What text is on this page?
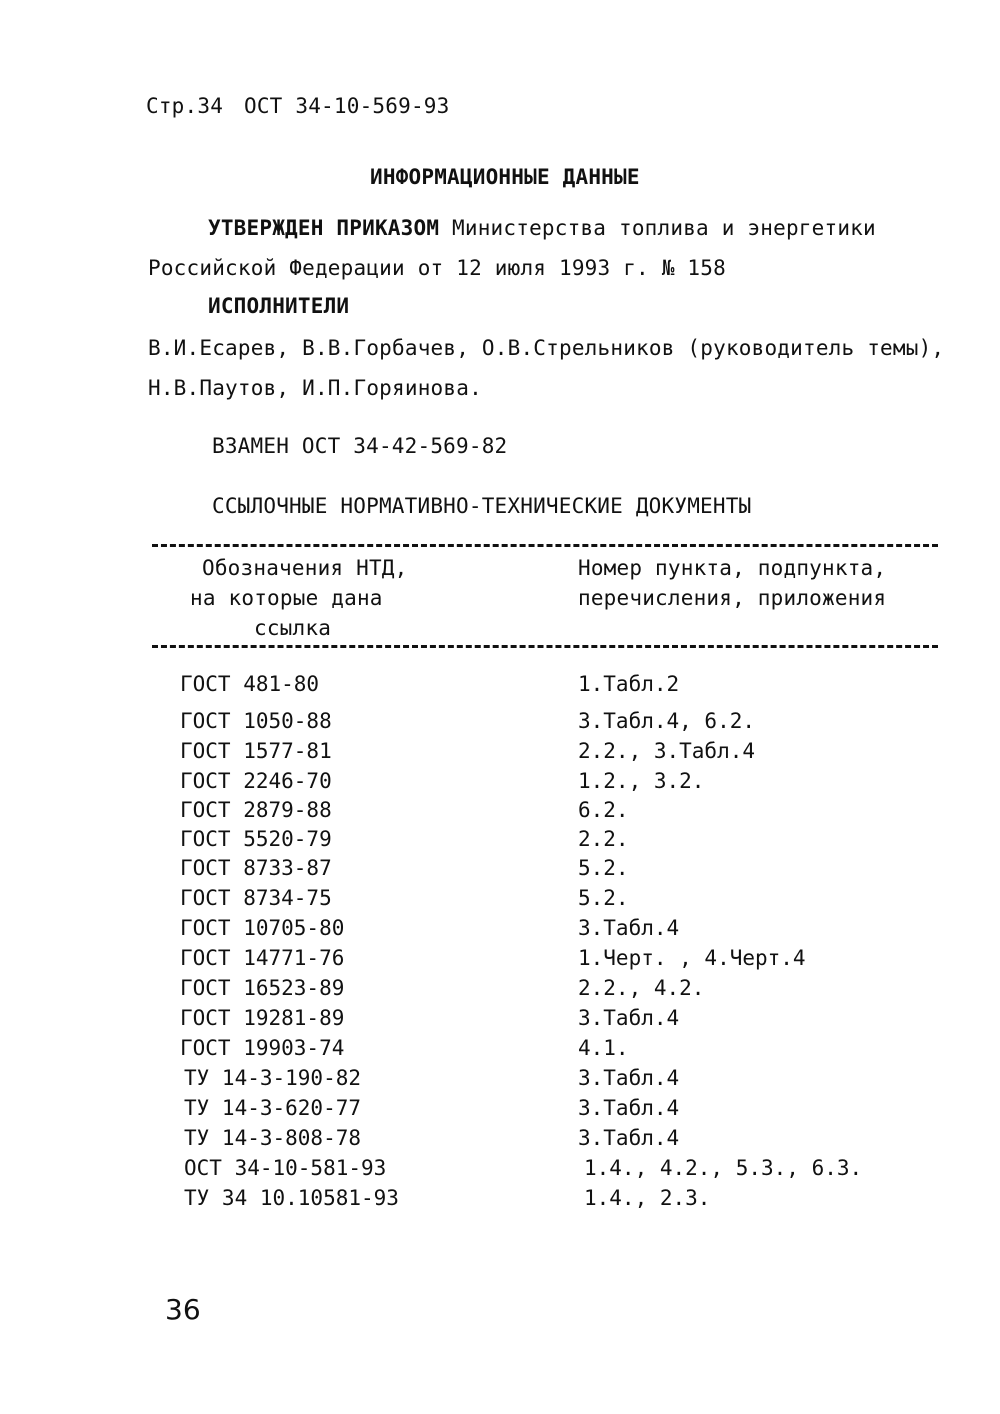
Стр.34 ОСТ 34-10-569-93
ИНФОРМАЦИОННЫЕ ДАННЫЕ
УТВЕРЖДЕН ПРИКАЗОМ Министерства топлива и энергетики
Российской Федерации от 12 июля 1993 г. № 158
ИСПОЛНИТЕЛИ
В.И.Есарев, В.В.Горбачев, О.В.Стрельников (руководитель темы),
Н.В.Паутов, И.П.Горяинова.
ВЗАМЕН ОСТ 34-42-569-82
ССЫЛОЧНЫЕ НОРМАТИВНО-ТЕХНИЧЕСКИЕ ДОКУМЕНТЫ
Обозначения НТД,
на которые дана
ссылка
Номер пункта, подпункта,
перечисления, приложения
ГОСТ 481-80	1.Табл.2
ГОСТ 1050-88	3.Табл.4, 6.2.
ГОСТ 1577-81	2.2., 3.Табл.4
ГОСТ 2246-70	1.2., 3.2.
ГОСТ 2879-88	6.2.
ГОСТ 5520-79	2.2.
ГОСТ 8733-87	5.2.
ГОСТ 8734-75	5.2.
ГОСТ 10705-80	3.Табл.4
ГОСТ 14771-76	1.Черт. , 4.Черт.4
ГОСТ 16523-89	2.2., 4.2.
ГОСТ 19281-89	3.Табл.4
ГОСТ 19903-74	4.1.
ТУ 14-3-190-82	3.Табл.4
ТУ 14-3-620-77	3.Табл.4
ТУ 14-3-808-78	3.Табл.4
ОСТ 34-10-581-93	1.4., 4.2., 5.3., 6.3.
ТУ 34 10.10581-93	1.4., 2.3.
36
